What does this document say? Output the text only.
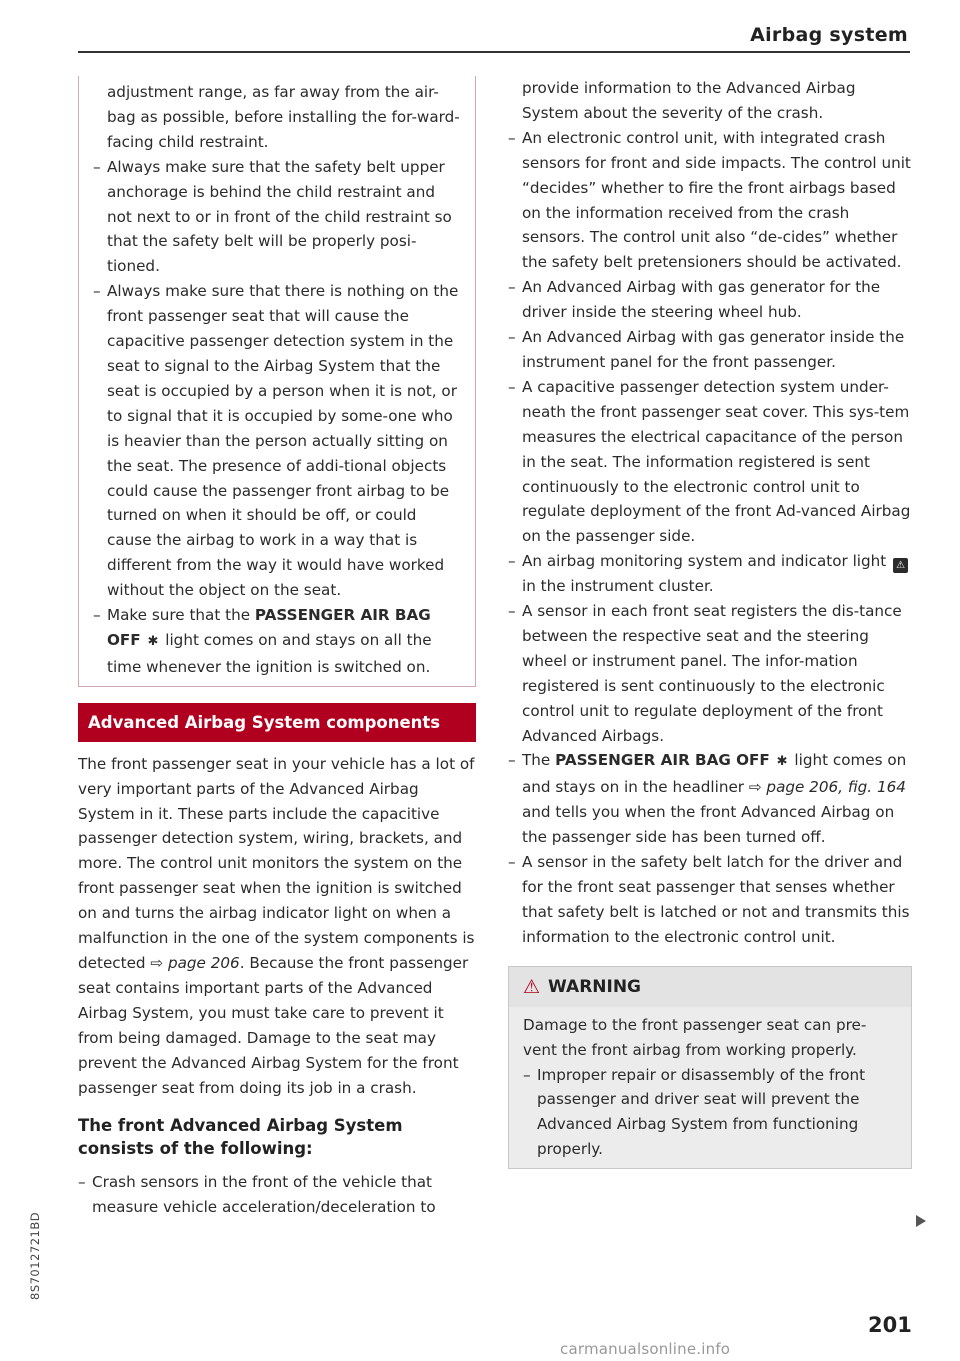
Airbag system

adjustment range, as far away from the air-bag as possible, before installing the for-ward-facing child restraint.

– Always make sure that the safety belt upper anchorage is behind the child restraint and not next to or in front of the child restraint so that the safety belt will be properly posi-tioned.
– Always make sure that there is nothing on the front passenger seat that will cause the capacitive passenger detection system in the seat to signal to the Airbag System that the seat is occupied by a person when it is not, or to signal that it is occupied by some-one who is heavier than the person actually sitting on the seat. The presence of addi-tional objects could cause the passenger front airbag to be turned on when it should be off, or could cause the airbag to work in a way that is different from the way it would have worked without the object on the seat.
– Make sure that the PASSENGER AIR BAG OFF ✱ light comes on and stays on all the time whenever the ignition is switched on.
Advanced Airbag System components

The front passenger seat in your vehicle has a lot of very important parts of the Advanced Airbag System in it. These parts include the capacitive passenger detection system, wiring, brackets, and more. The control unit monitors the system on the front passenger seat when the ignition is switched on and turns the airbag indicator light on when a malfunction in the one of the system components is detected ⇨ page 206. Because the front passenger seat contains important parts of the Advanced Airbag System, you must take care to prevent it from being damaged. Damage to the seat may prevent the Advanced Airbag System for the front passenger seat from doing its job in a crash.

The front Advanced Airbag System consists of the following:
– Crash sensors in the front of the vehicle that measure vehicle acceleration/deceleration to

provide information to the Advanced Airbag System about the severity of the crash.

– An electronic control unit, with integrated crash sensors for front and side impacts. The control unit “decides” whether to fire the front airbags based on the information received from the crash sensors. The control unit also “de-cides” whether the safety belt pretensioners should be activated.
– An Advanced Airbag with gas generator for the driver inside the steering wheel hub.
– An Advanced Airbag with gas generator inside the instrument panel for the front passenger.
– A capacitive passenger detection system under-neath the front passenger seat cover. This sys-tem measures the electrical capacitance of the person in the seat. The information registered is sent continuously to the electronic control unit to regulate deployment of the front Ad-vanced Airbag on the passenger side.
– An airbag monitoring system and indicator light ⚠ in the instrument cluster.
– A sensor in each front seat registers the dis-tance between the respective seat and the steering wheel or instrument panel. The infor-mation registered is sent continuously to the electronic control unit to regulate deployment of the front Advanced Airbags.
– The PASSENGER AIR BAG OFF ✱ light comes on and stays on in the headliner ⇨ page 206, fig. 164 and tells you when the front Advanced Airbag on the passenger side has been turned off.
– A sensor in the safety belt latch for the driver and for the front seat passenger that senses whether that safety belt is latched or not and transmits this information to the electronic control unit.
⚠ WARNING

Damage to the front passenger seat can pre-vent the front airbag from working properly.

– Improper repair or disassembly of the front passenger and driver seat will prevent the Advanced Airbag System from functioning properly.
201
8S7012721BD
carmanualsonline.info
